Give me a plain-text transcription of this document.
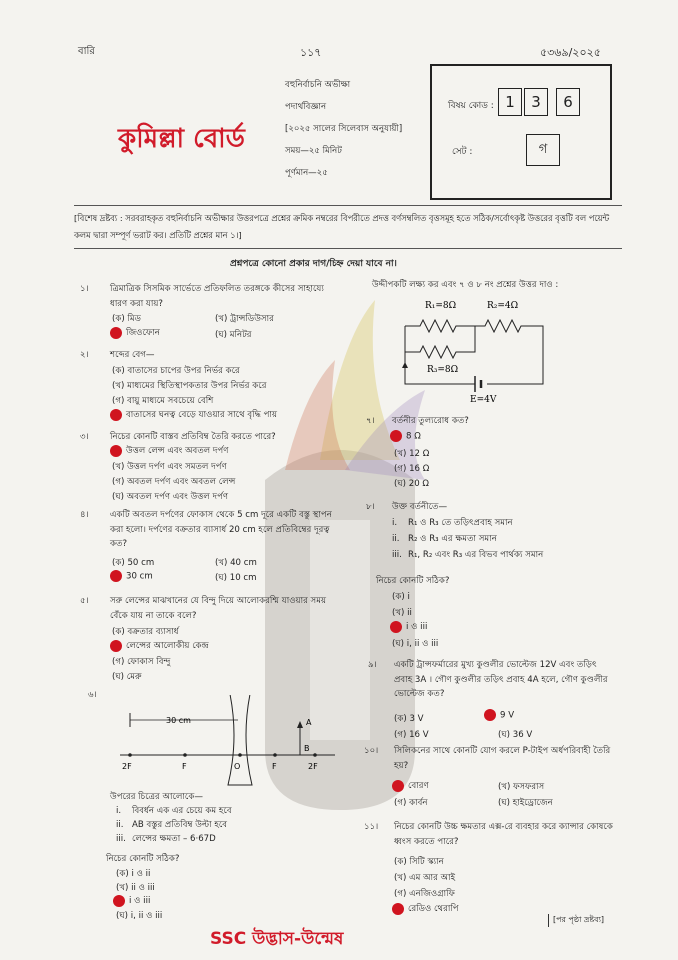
বারি	১১৭	৫৩৬৯/২০২৫
কুমিল্লা বোর্ড
বহুনির্বাচনি অভীক্ষা
পদার্থবিজ্ঞান
[২০২৫ সালের সিলেবাস অনুযায়ী]
সময়—২৫ মিনিট
পূর্ণমান—২৫
বিষয় কোড : 1	3	6
সেট :	গ
[বিশেষ দ্রষ্টব্য : সরবরাহকৃত বহুনির্বাচনি অভীক্ষার উত্তরপত্রে প্রশ্নের ক্রমিক নম্বরের বিপরীতে প্রদত্ত বর্ণসম্বলিত বৃত্তসমূহ হতে সঠিক/সর্বোৎকৃষ্ট উত্তরের বৃত্তটি বল পয়েন্ট কলম দ্বারা সম্পূর্ণ ভরাট কর। প্রতিটি প্রশ্নের মান ১।]
প্রশ্নপত্রে কোনো প্রকার দাগ/চিহ্ন দেয়া যাবে না।
১। ত্রিমাত্রিক সিসমিক সার্ভেতে প্রতিফলিত তরঙ্গকে কীসের সাহায্যে ধারণ করা যায়?
(ক) মিড	(খ) ট্রান্সডিউসার
জিওফোন	(ঘ) মনিটর
২। শব্দের বেগ—
(ক) বাতাসের চাপের উপর নির্ভর করে
(খ) মাধ্যমের স্থিতিস্থাপকতার উপর নির্ভর করে
(গ) বায়ু মাধ্যমে সবচেয়ে বেশি
বাতাসের ঘনত্ব বেড়ে যাওয়ার সাথে বৃদ্ধি পায়
৩। নিচের কোনটি বাস্তব প্রতিবিম্ব তৈরি করতে পারে?
উত্তল লেন্স এবং অবতল দর্পণ
(খ) উত্তল দর্পণ এবং সমতল দর্পণ
(গ) অবতল দর্পণ এবং অবতল লেন্স
(ঘ) অবতল দর্পণ এবং উত্তল দর্পণ
৪। একটি অবতল দর্পণের ফোকাস থেকে 5 cm দূরে একটি বস্তু স্থাপন করা হলো। দর্পণের বক্রতার ব্যাসার্ধ 20 cm হলে প্রতিবিম্বের দূরত্ব কত?
(ক) 50 cm	(খ) 40 cm
30 cm	(ঘ) 10 cm
৫। সরু লেন্সের মাঝখানের যে বিন্দু দিয়ে আলোকরশ্মি যাওয়ার সময় বেঁকে যায় না তাকে বলে?
(ক) বক্রতার ব্যাসার্ধ
লেন্সের আলোকীয় কেন্দ্র
(গ) ফোকাস বিন্দু
(ঘ) মেরু
৬।
30 cm
2F	F	O	F	2F
A
B
উপরের চিত্রের আলোকে—
i. বিবর্ধন এক এর চেয়ে কম হবে
ii. AB বস্তুর প্রতিবিম্ব উল্টা হবে
iii. লেন্সের ক্ষমতা – 6·67D
নিচের কোনটি সঠিক?
(ক) i ও ii
(খ) ii ও iii
i ও iii
(ঘ) i, ii ও iii
উদ্দীপকটি লক্ষ্য কর এবং ৭ ও ৮ নং প্রশ্নের উত্তর দাও :
R₁=8Ω	R₂=4Ω
R₃=8Ω
E=4V
৭। বর্তনীর তুল্যরোধ কত?
8 Ω
(খ) 12 Ω
(গ) 16 Ω
(ঘ) 20 Ω
৮। উক্ত বর্তনীতে—
i. R₁ ও R₃ তে তড়িৎপ্রবাহ সমান
ii. R₂ ও R₃ এর ক্ষমতা সমান
iii. R₁, R₂ এবং R₃ এর বিভব পার্থক্য সমান
নিচের কোনটি সঠিক?
(ক) i
(খ) ii
i ও iii
(ঘ) i, ii ও iii
৯। একটি ট্রান্সফর্মারের মুখ্য কুণ্ডলীর ভোল্টেজ 12V এবং তড়িৎ প্রবাহ 3A । গৌণ কুণ্ডলীর তড়িৎ প্রবাহ 4A হলে, গৌণ কুণ্ডলীর ভোল্টেজ কত?
(ক) 3 V	9 V
(গ) 16 V	(ঘ) 36 V
১০। সিলিকনের সাথে কোনটি যোগ করলে P-টাইপ অর্ধপরিবাহী তৈরি হয়?
বোরণ	(খ) ফসফরাস
(গ) কার্বন	(ঘ) হাইড্রোজেন
১১। নিচের কোনটি উচ্চ ক্ষমতার এক্স-রে ব্যবহার করে ক্যান্সার কোষকে ধ্বংস করতে পারে?
(ক) সিটি স্ক্যান
(খ) এম আর আই
(গ) এনজিওগ্রাফি
রেডিও থেরাপি
SSC উদ্ভাস-উন্মেষ
[পর পৃষ্ঠা দ্রষ্টব্য]
